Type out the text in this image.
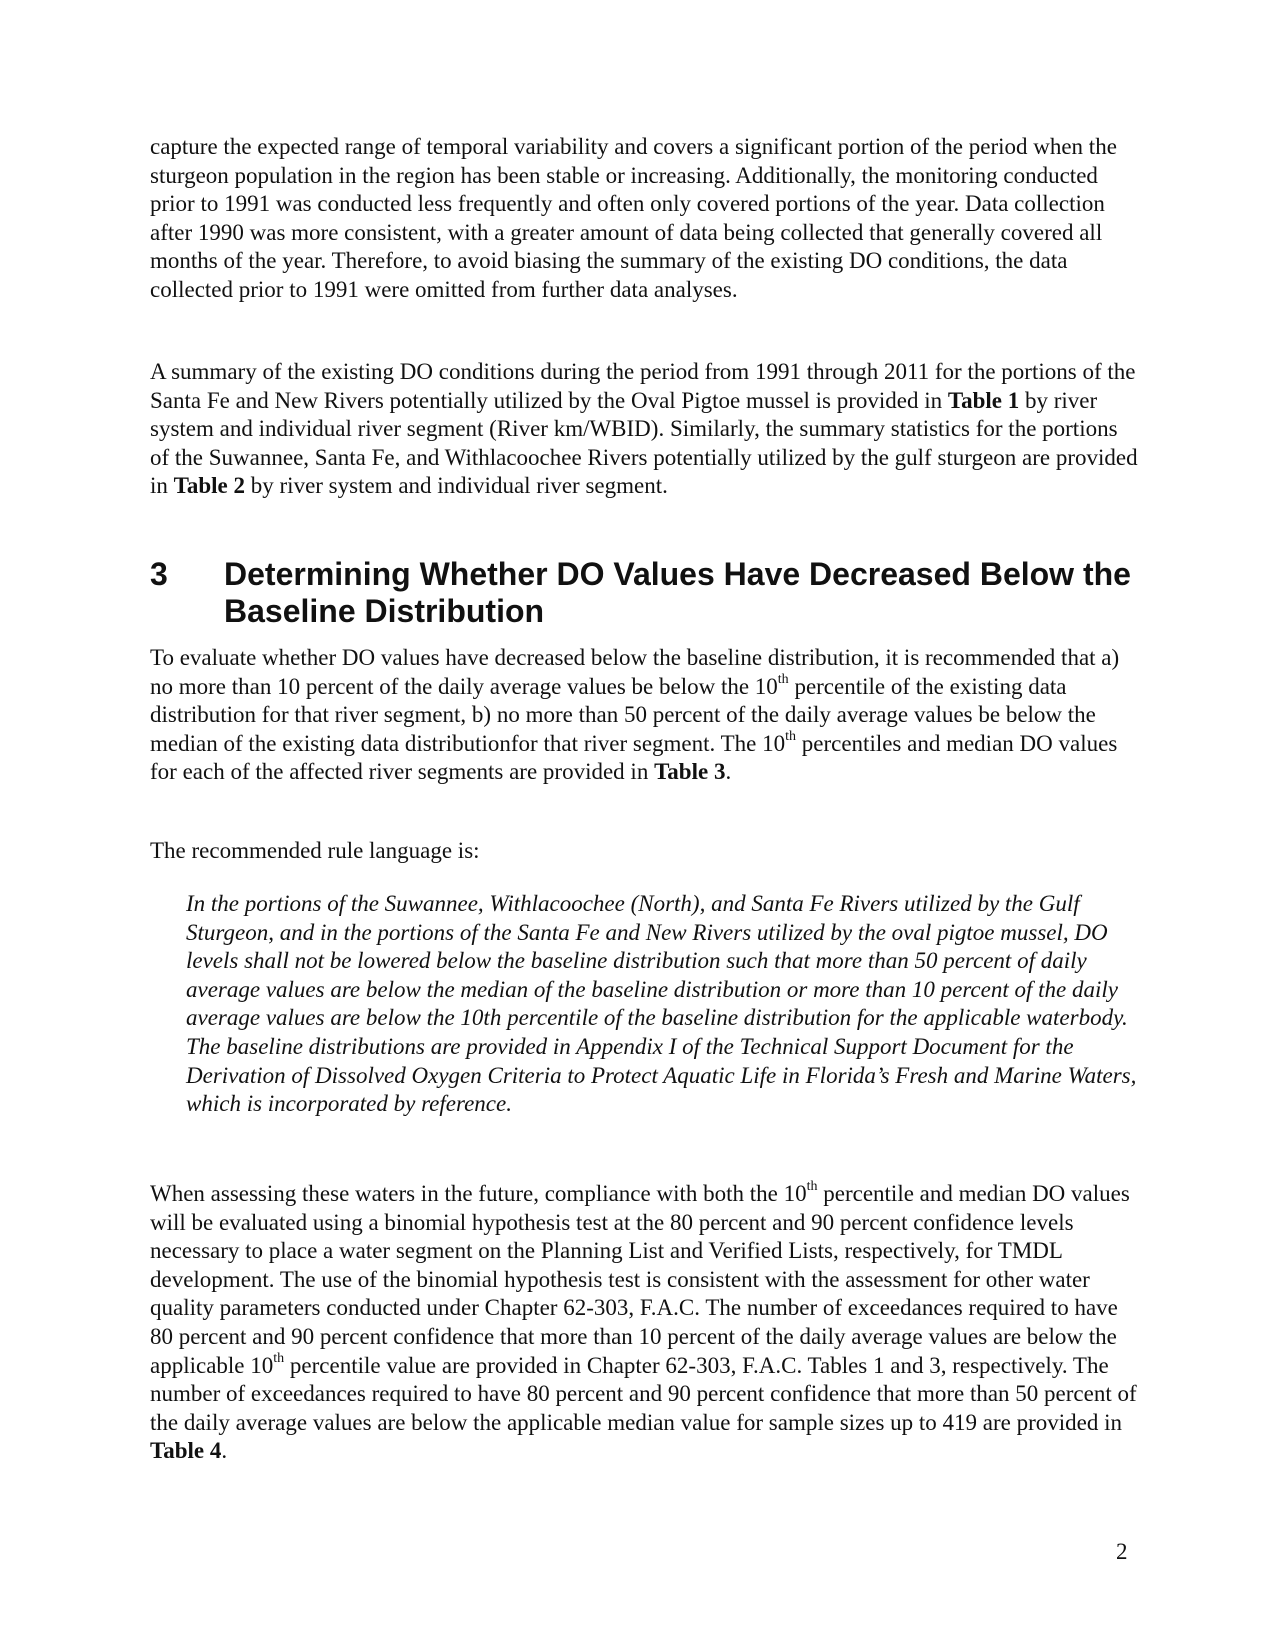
capture the expected range of temporal variability and covers a significant portion of the period when the sturgeon population in the region has been stable or increasing. Additionally, the monitoring conducted prior to 1991 was conducted less frequently and often only covered portions of the year. Data collection after 1990 was more consistent, with a greater amount of data being collected that generally covered all months of the year. Therefore, to avoid biasing the summary of the existing DO conditions, the data collected prior to 1991 were omitted from further data analyses.

A summary of the existing DO conditions during the period from 1991 through 2011 for the portions of the Santa Fe and New Rivers potentially utilized by the Oval Pigtoe mussel is provided in Table 1 by river system and individual river segment (River km/WBID). Similarly, the summary statistics for the portions of the Suwannee, Santa Fe, and Withlacoochee Rivers potentially utilized by the gulf sturgeon are provided in Table 2 by river system and individual river segment.

3 Determining Whether DO Values Have Decreased Below the Baseline Distribution

To evaluate whether DO values have decreased below the baseline distribution, it is recommended that a) no more than 10 percent of the daily average values be below the 10th percentile of the existing data distribution for that river segment, b) no more than 50 percent of the daily average values be below the median of the existing data distributionfor that river segment. The 10th percentiles and median DO values for each of the affected river segments are provided in Table 3.

The recommended rule language is:

In the portions of the Suwannee, Withlacoochee (North), and Santa Fe Rivers utilized by the Gulf Sturgeon, and in the portions of the Santa Fe and New Rivers utilized by the oval pigtoe mussel, DO levels shall not be lowered below the baseline distribution such that more than 50 percent of daily average values are below the median of the baseline distribution or more than 10 percent of the daily average values are below the 10th percentile of the baseline distribution for the applicable waterbody. The baseline distributions are provided in Appendix I of the Technical Support Document for the Derivation of Dissolved Oxygen Criteria to Protect Aquatic Life in Florida’s Fresh and Marine Waters, which is incorporated by reference.

When assessing these waters in the future, compliance with both the 10th percentile and median DO values will be evaluated using a binomial hypothesis test at the 80 percent and 90 percent confidence levels necessary to place a water segment on the Planning List and Verified Lists, respectively, for TMDL development. The use of the binomial hypothesis test is consistent with the assessment for other water quality parameters conducted under Chapter 62-303, F.A.C. The number of exceedances required to have 80 percent and 90 percent confidence that more than 10 percent of the daily average values are below the applicable 10th percentile value are provided in Chapter 62-303, F.A.C. Tables 1 and 3, respectively. The number of exceedances required to have 80 percent and 90 percent confidence that more than 50 percent of the daily average values are below the applicable median value for sample sizes up to 419 are provided in Table 4.

2
